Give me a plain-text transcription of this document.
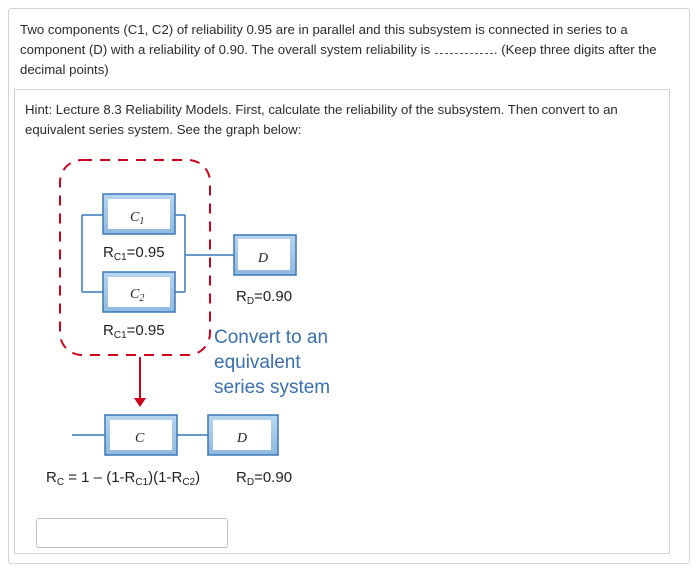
Two components (C1, C2) of reliability 0.95 are in parallel and this subsystem is connected in series to a component (D) with a reliability of 0.90. The overall system reliability is	. (Keep three digits after the decimal points)
Hint: Lecture 8.3 Reliability Models. First, calculate the reliability of the subsystem. Then convert to an equivalent series system. See the graph below:
$C_1$
$C_2$
$R_{C1}=0.95$
$R_{C1}=0.95$
D
$R_D=0.90$
Convert to an
equivalent
series system
C	D
$R_C = 1 - (1-R_{C1})(1-R_{C2})$ $R_D=0.90$
